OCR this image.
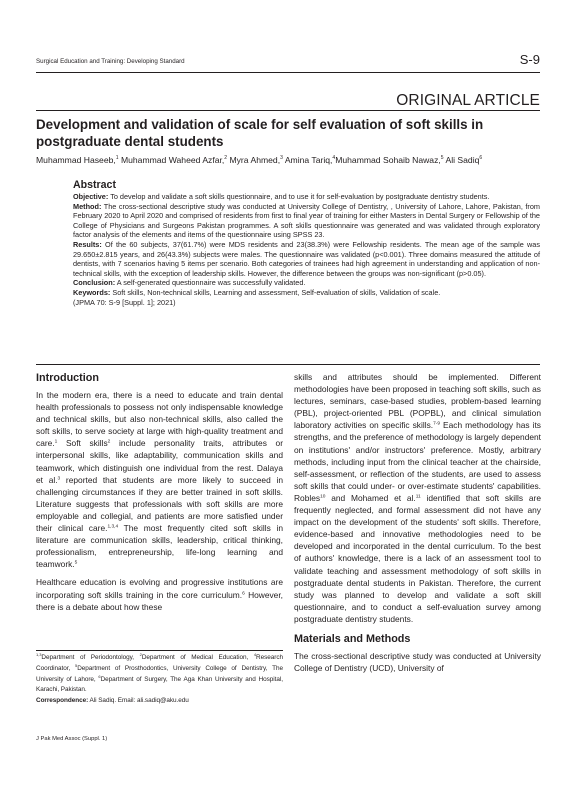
Surgical Education and Training: Developing Standard	S-9
ORIGINAL ARTICLE
Development and validation of scale for self evaluation of soft skills in postgraduate dental students
Muhammad Haseeb,$^1$ Muhammad Waheed Azfar,$^2$ Myra Ahmed,$^3$ Amina Tariq,$^4$Muhammad Sohaib Nawaz,$^5$ Ali Sadiq$^6$
Abstract

Objective: To develop and validate a soft skills questionnaire, and to use it for self-evaluation by postgraduate dentistry students.

Method: The cross-sectional descriptive study was conducted at University College of Dentistry, , University of Lahore, Lahore, Pakistan, from February 2020 to April 2020 and comprised of residents from first to final year of training for either Masters in Dental Surgery or Fellowship of the College of Physicians and Surgeons Pakistan programmes. A soft skills questionnaire was generated and was validated through exploratory factor analysis of the elements and items of the questionnaire using SPSS 23.

Results: Of the 60 subjects, 37(61.7%) were MDS residents and 23(38.3%) were Fellowship residents. The mean age of the sample was 29.650±2.815 years, and 26(43.3%) subjects were males. The questionnaire was validated (p<0.001). Three domains measured the attitude of dentists, with 7 scenarios having 5 items per scenario. Both categories of trainees had high agreement in understanding and application of non-technical skills, with the exception of leadership skills. However, the difference between the groups was non-significant (p>0.05).

Conclusion: A self-generated questionnaire was successfully validated.

Keywords: Soft skills, Non-technical skills, Learning and assessment, Self-evaluation of skills, Validation of scale.

(JPMA 70: S-9 [Suppl. 1]; 2021)

Introduction

In the modern era, there is a need to educate and train dental health professionals to possess not only indispensable knowledge and technical skills, but also non-technical skills, also called the soft skills, to serve society at large with high-quality treatment and care.$^1$ Soft skills$^2$ include personality traits, attributes or interpersonal skills, like adaptability, communication skills and teamwork, which distinguish one individual from the rest. Dalaya et al.$^3$ reported that students are more likely to succeed in challenging circumstances if they are better trained in soft skills. Literature suggests that professionals with soft skills are more employable and collegial, and patients are more satisfied under their clinical care.$^{1,3,4}$ The most frequently cited soft skills in literature are communication skills, leadership, critical thinking, professionalism, entrepreneurship, life-long learning and teamwork.$^5$

Healthcare education is evolving and progressive institutions are incorporating soft skills training in the core curriculum.$^6$ However, there is a debate about how these

$^{1,3}$Department of Periodontology, $^2$Department of Medical Education, $^4$Research Coordinator, $^5$Department of Prosthodontics, University College of Dentistry, The University of Lahore, $^6$Department of Surgery, The Aga Khan University and Hospital, Karachi, Pakistan.
Correspondence: Ali Sadiq. Email: ali.sadiq@aku.edu

skills and attributes should be implemented. Different methodologies have been proposed in teaching soft skills, such as lectures, seminars, case-based studies, problem-based learning (PBL), project-oriented PBL (POPBL), and clinical simulation laboratory activities on specific skills.$^{7-9}$ Each methodology has its strengths, and the preference of methodology is largely dependent on institutions' and/or instructors' preference. Mostly, arbitrary methods, including input from the clinical teacher at the chairside, self-assessment, or reflection of the students, are used to assess soft skills that could under- or over-estimate students' capabilities. Robles$^{10}$ and Mohamed et al.$^{11}$ identified that soft skills are frequently neglected, and formal assessment did not have any impact on the development of the students' soft skills. Therefore, evidence-based and innovative methodologies need to be developed and incorporated in the dental curriculum. To the best of authors' knowledge, there is a lack of an assessment tool to validate teaching and assessment methodology of soft skills in postgraduate dental students in Pakistan. Therefore, the current study was planned to develop and validate a soft skill questionnaire, and to conduct a self-evaluation survey among postgraduate dentistry students.

Materials and Methods

The cross-sectional descriptive study was conducted at University College of Dentistry (UCD), University of

J Pak Med Assoc (Suppl. 1)
